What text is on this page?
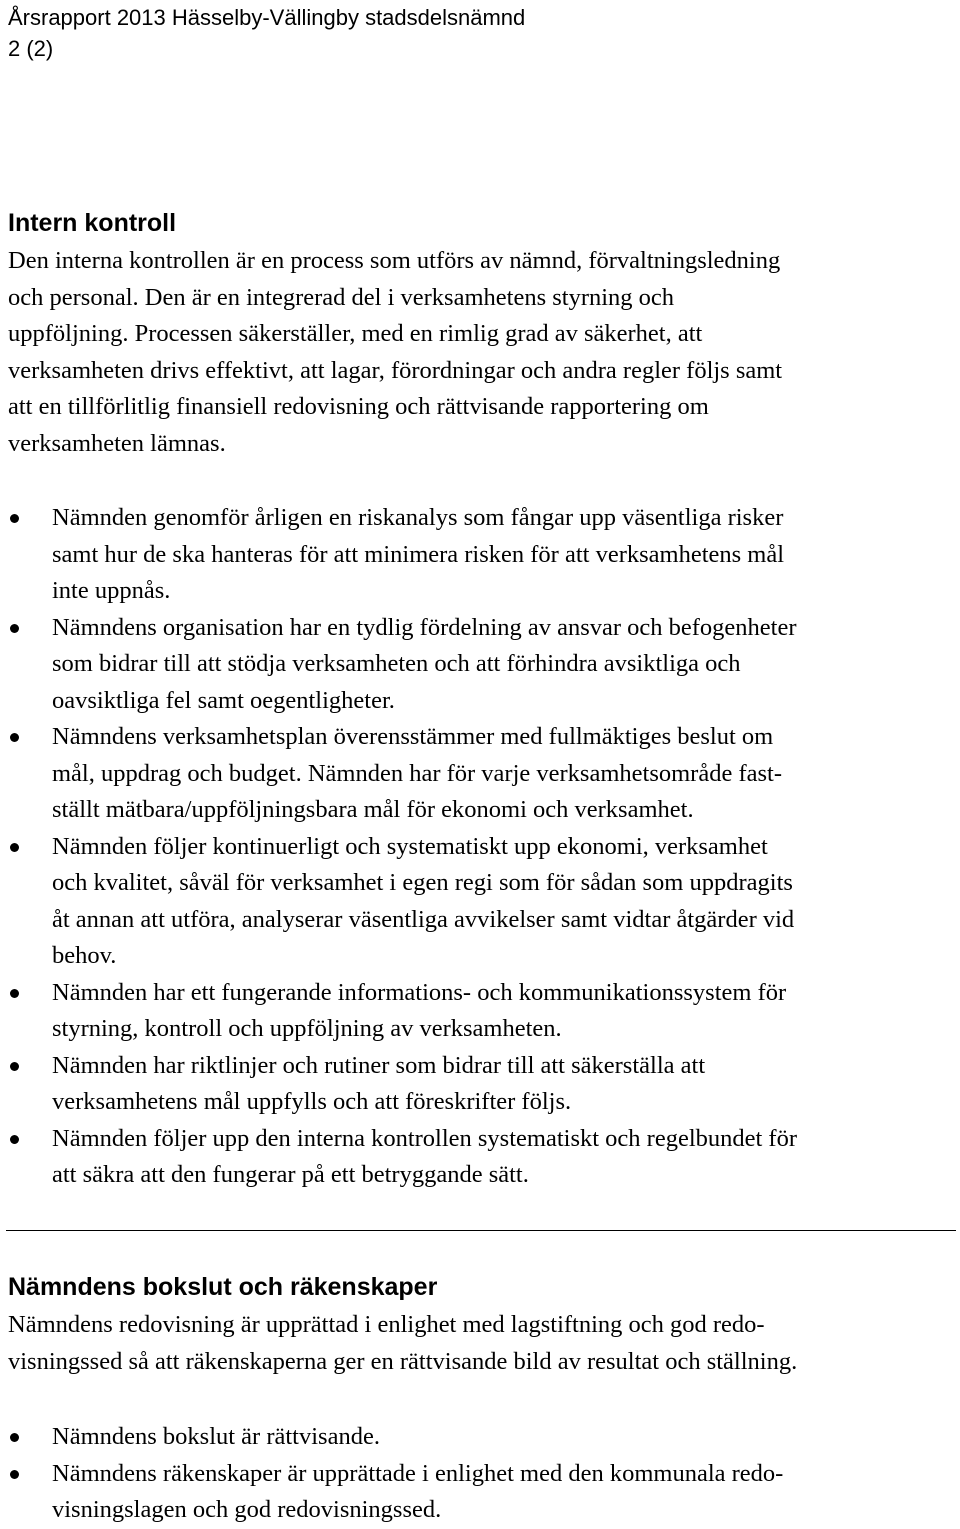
Årsrapport 2013 Hässelby-Vällingby stadsdelsnämnd
2 (2)
Intern kontroll

Den interna kontrollen är en process som utförs av nämnd, förvaltningsledning
och personal. Den är en integrerad del i verksamhetens styrning och
uppföljning. Processen säkerställer, med en rimlig grad av säkerhet, att
verksamheten drivs effektivt, att lagar, förordningar och andra regler följs samt
att en tillförlitlig finansiell redovisning och rättvisande rapportering om
verksamheten lämnas.

Nämnden genomför årligen en riskanalys som fångar upp väsentliga risker
samt hur de ska hanteras för att minimera risken för att verksamhetens mål
inte uppnås.
Nämndens organisation har en tydlig fördelning av ansvar och befogenheter
som bidrar till att stödja verksamheten och att förhindra avsiktliga och
oavsiktliga fel samt oegentligheter.
Nämndens verksamhetsplan överensstämmer med fullmäktiges beslut om
mål, uppdrag och budget. Nämnden har för varje verksamhetsområde fast-
ställt mätbara/uppföljningsbara mål för ekonomi och verksamhet.
Nämnden följer kontinuerligt och systematiskt upp ekonomi, verksamhet
och kvalitet, såväl för verksamhet i egen regi som för sådan som uppdragits
åt annan att utföra, analyserar väsentliga avvikelser samt vidtar åtgärder vid
behov.
Nämnden har ett fungerande informations- och kommunikationssystem för
styrning, kontroll och uppföljning av verksamheten.
Nämnden har riktlinjer och rutiner som bidrar till att säkerställa att
verksamhetens mål uppfylls och att föreskrifter följs.
Nämnden följer upp den interna kontrollen systematiskt och regelbundet för
att säkra att den fungerar på ett betryggande sätt.
Nämndens bokslut och räkenskaper

Nämndens redovisning är upprättad i enlighet med lagstiftning och god redo-
visningssed så att räkenskaperna ger en rättvisande bild av resultat och ställning.

Nämndens bokslut är rättvisande.
Nämndens räkenskaper är upprättade i enlighet med den kommunala redo-
visningslagen och god redovisningssed.
